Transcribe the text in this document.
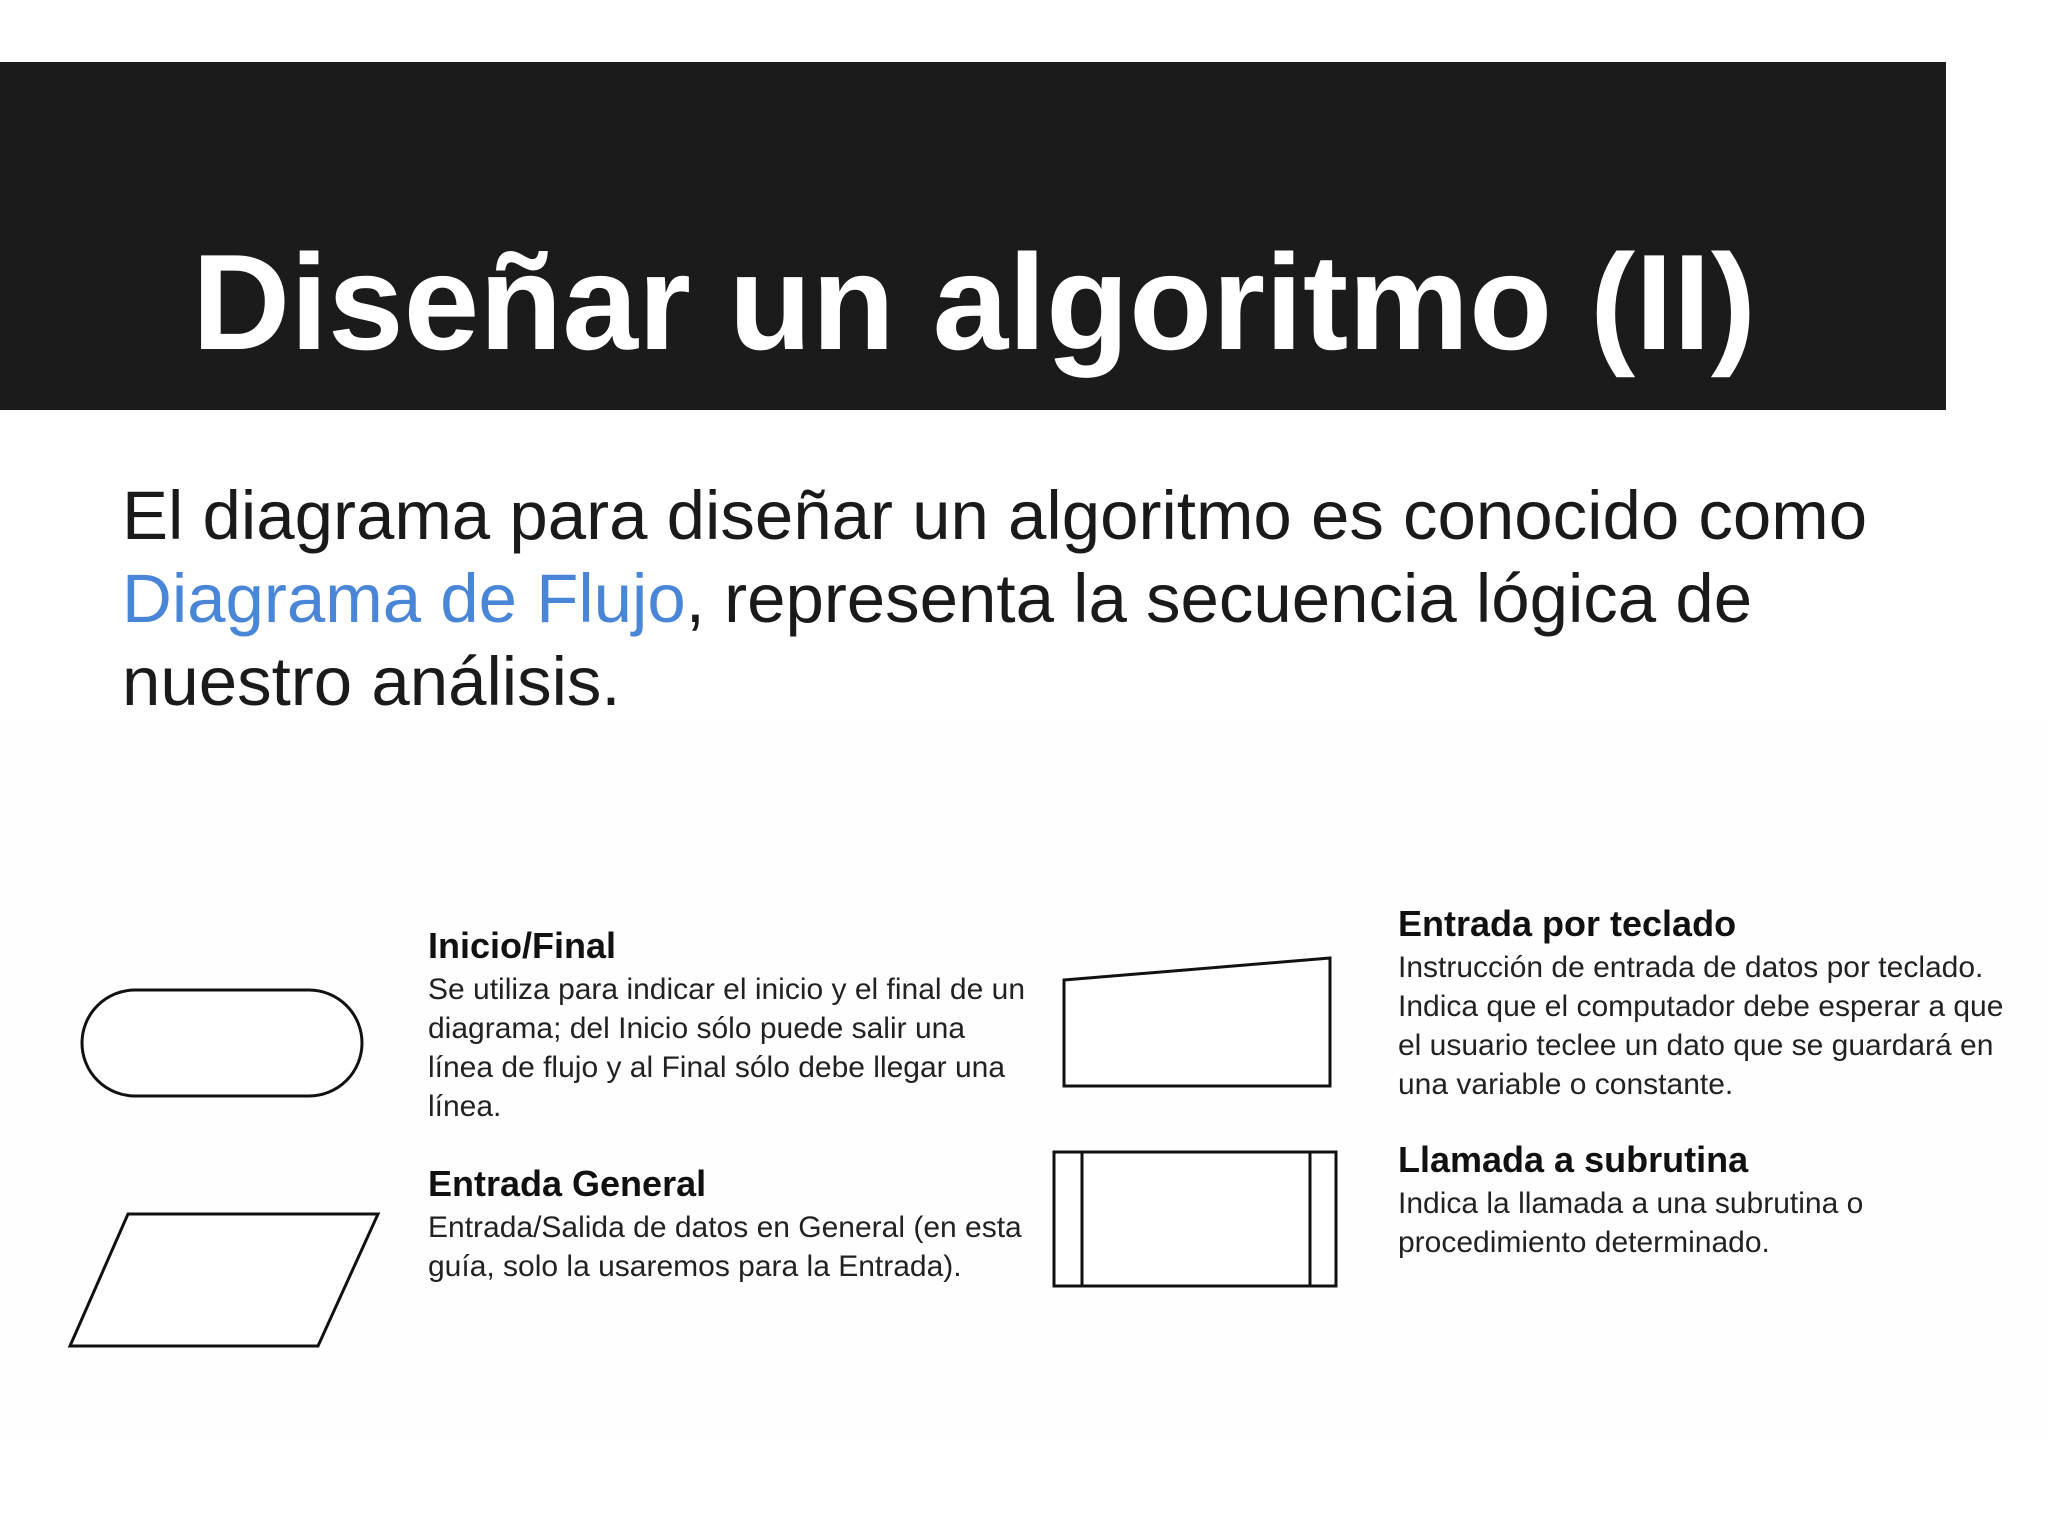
Diseñar un algoritmo (II)

El diagrama para diseñar un algoritmo es conocido como Diagrama de Flujo, representa la secuencia lógica de nuestro análisis.

Inicio/Final

Se utiliza para indicar el inicio y el final de un diagrama; del Inicio sólo puede salir una línea de flujo y al Final sólo debe llegar una línea.

Entrada General

Entrada/Salida de datos en General (en esta guía, solo la usaremos para la Entrada).

Entrada por teclado

Instrucción de entrada de datos por teclado. Indica que el computador debe esperar a que el usuario teclee un dato que se guardará en una variable o constante.

Llamada a subrutina

Indica la llamada a una subrutina o procedimiento determinado.
